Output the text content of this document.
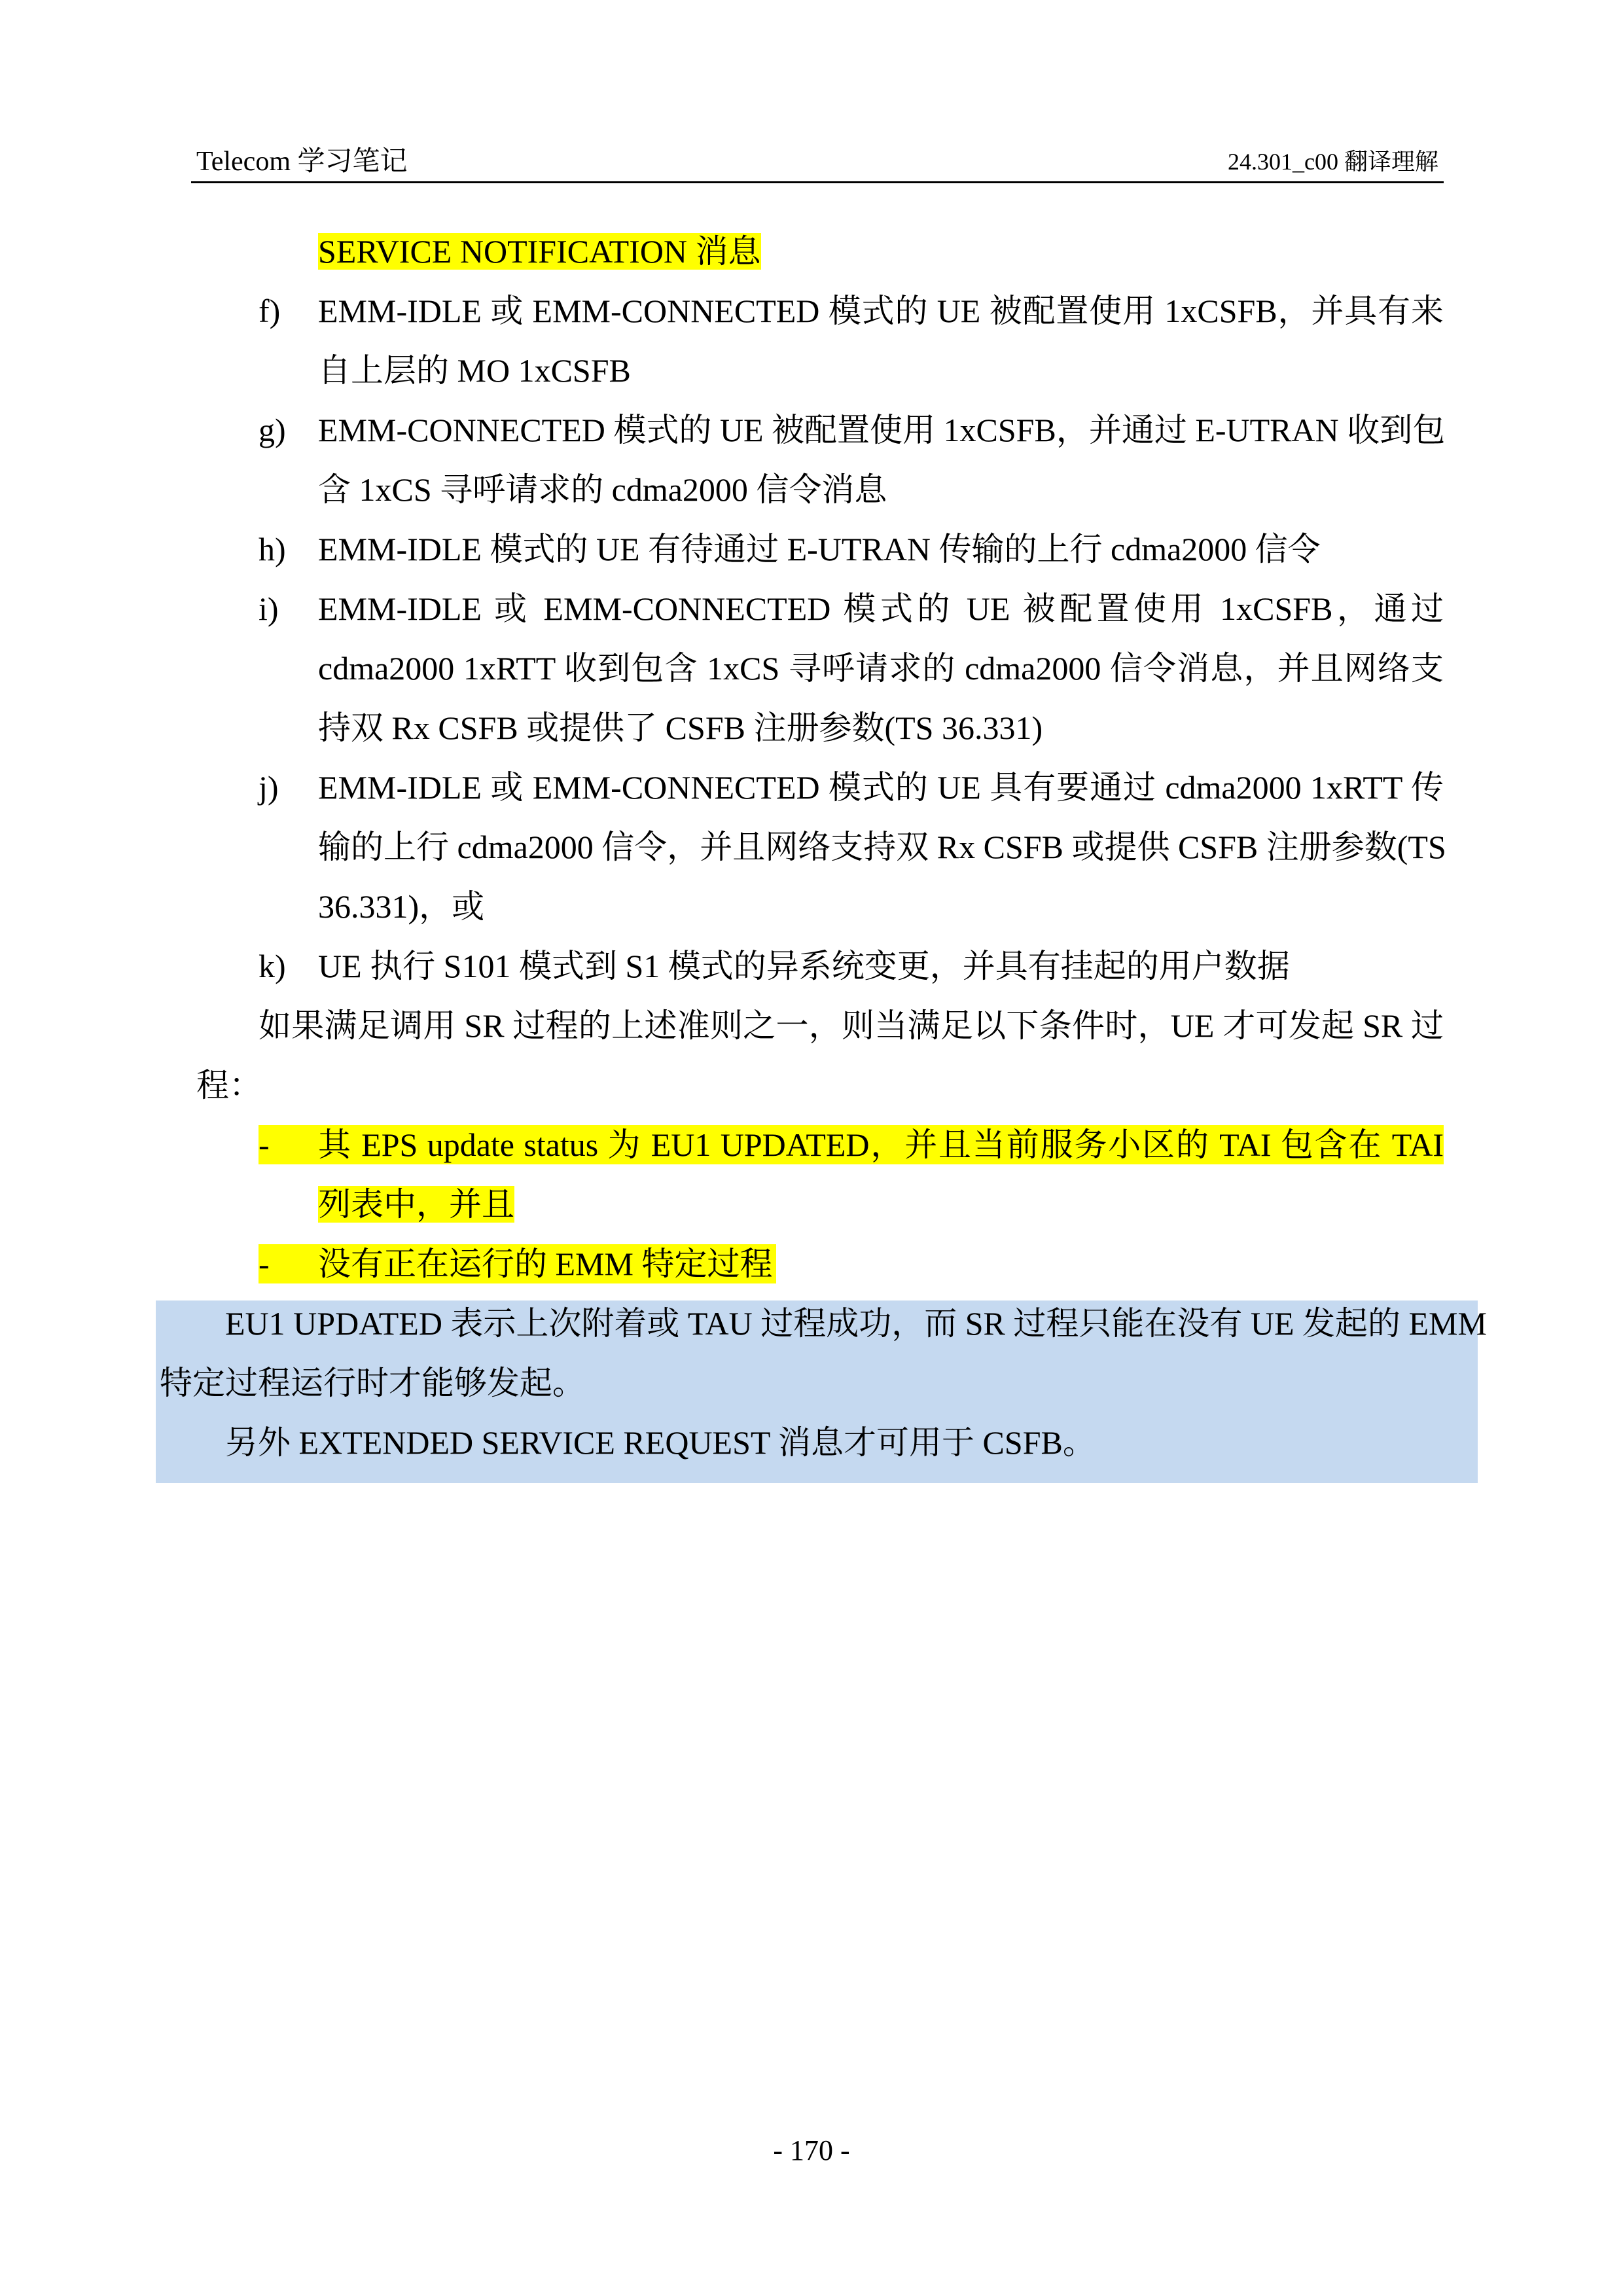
Telecom 学习笔记	24.301_c00 翻译理解
SERVICE NOTIFICATION 消息
f) EMM-IDLE 或 EMM-CONNECTED 模式的 UE 被配置使用 1xCSFB，并具有来
自上层的 MO 1xCSFB
g) EMM-CONNECTED 模式的 UE 被配置使用 1xCSFB，并通过 E-UTRAN 收到包
含 1xCS 寻呼请求的 cdma2000 信令消息
h) EMM-IDLE 模式的 UE 有待通过 E-UTRAN 传输的上行 cdma2000 信令
i) EMM-IDLE 或 EMM-CONNECTED 模式的 UE 被配置使用 1xCSFB，通过
cdma2000 1xRTT 收到包含 1xCS 寻呼请求的 cdma2000 信令消息，并且网络支
持双 Rx CSFB 或提供了 CSFB 注册参数(TS 36.331)
j) EMM-IDLE 或 EMM-CONNECTED 模式的 UE 具有要通过 cdma2000 1xRTT 传
输的上行 cdma2000 信令，并且网络支持双 Rx CSFB 或提供 CSFB 注册参数(TS
36.331)，或
k) UE 执行 S101 模式到 S1 模式的异系统变更，并具有挂起的用户数据
如果满足调用 SR 过程的上述准则之一，则当满足以下条件时，UE 才可发起 SR 过
程：
- 其 EPS update status 为 EU1 UPDATED，并且当前服务小区的 TAI 包含在 TAI
列表中，并且
- 没有正在运行的 EMM 特定过程
EU1 UPDATED 表示上次附着或 TAU 过程成功，而 SR 过程只能在没有 UE 发起的 EMM
特定过程运行时才能够发起。
另外 EXTENDED SERVICE REQUEST 消息才可用于 CSFB。
- 170 -
